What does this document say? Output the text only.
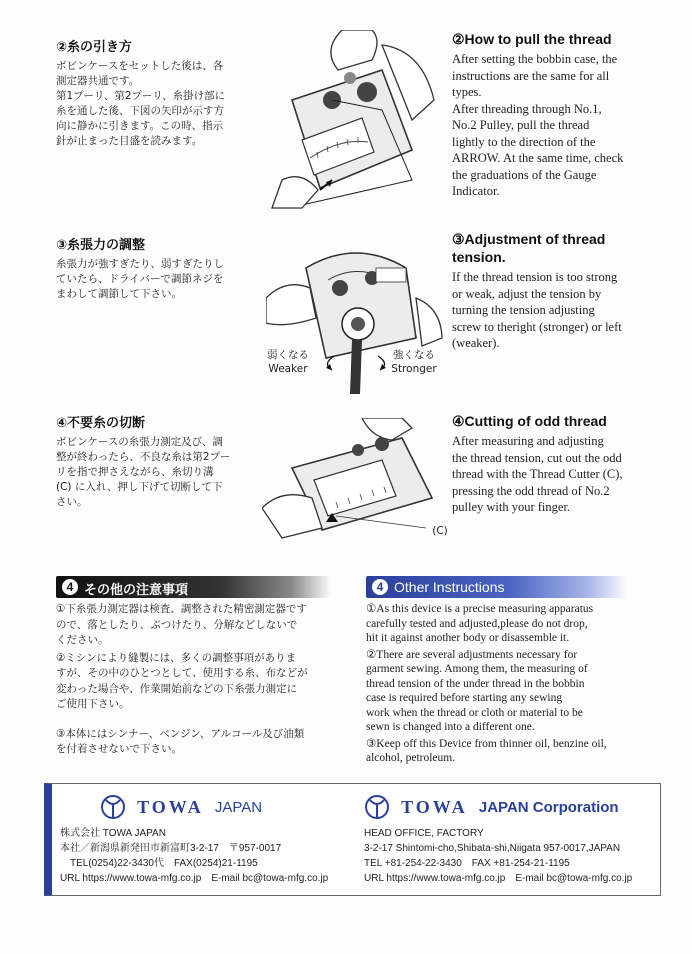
②糸の引き方
ボビンケースをセットした後は、各
測定器共通です。
第1プーリ、第2プーリ、糸掛け部に
糸を通した後、下図の矢印が示す方
向に静かに引きます。この時、指示
針が止まった目盛を読みます。
②How to pull the thread
After setting the bobbin case, the
instructions are the same for all
types.
After threading through No.1,
No.2 Pulley, pull the thread
lightly to the direction of the
ARROW. At the same time, check
the graduations of the Gauge
Indicator.
③糸張力の調整
糸張力が強すぎたり、弱すぎたりし
ていたら、ドライバーで調節ネジを
まわして調節して下さい。
弱くなる
Weaker
強くなる
Stronger
③Adjustment of thread
tension.
If the thread tension is too strong
or weak, adjust the tension by
turning the tension adjusting
screw to theright (stronger) or left
(weaker).
④不要糸の切断
ボビンケースの糸張力測定及び、調
整が終わったら、不良な糸は第2プー
リを指で押さえながら、糸切り溝
(C) に入れ、押し下げて切断して下
さい。
(C)
④Cutting of odd thread
After measuring and adjusting
the thread tension, cut out the odd
thread with the Thread Cutter (C),
pressing the odd thread of No.2
pulley with your finger.
4 その他の注意事項	4 Other Instructions
①下糸張力測定器は検査、調整された精密測定器です
ので、落としたり、ぶつけたり、分解などしないで
ください。
②ミシンにより縫製には、多くの調整事項がありま
すが、その中のひとつとして、使用する糸、布などが
変わった場合や、作業開始前などの下糸張力測定に
ご使用下さい。
③本体にはシンナー、ベンジン、アルコール及び油類
を付着させないで下さい。
①As this device is a precise measuring apparatus
carefully tested and adjusted,please do not drop,
hit it against another body or disassemble it.
②There are several adjustments necessary for
garment sewing. Among them, the measuring of
thread tension of the under thread in the bobbin
case is required before starting any sewing
work when the thread or cloth or material to be
sewn is changed into a different one.
③Keep off this Device from thinner oil, benzine oil,
alcohol, petroleum.
TOWA JAPAN
株式会社 TOWA JAPAN
本社／新潟県新発田市新富町3-2-17　〒957-0017
　TEL(0254)22-3430代　FAX(0254)21-1195
URL https://www.towa-mfg.co.jp　E-mail bc@towa-mfg.co.jp
TOWA JAPAN Corporation
HEAD OFFICE, FACTORY
3-2-17 Shintomi-cho,Shibata-shi,Niigata 957-0017,JAPAN
TEL +81-254-22-3430　FAX +81-254-21-1195
URL https://www.towa-mfg.co.jp　E-mail bc@towa-mfg.co.jp
